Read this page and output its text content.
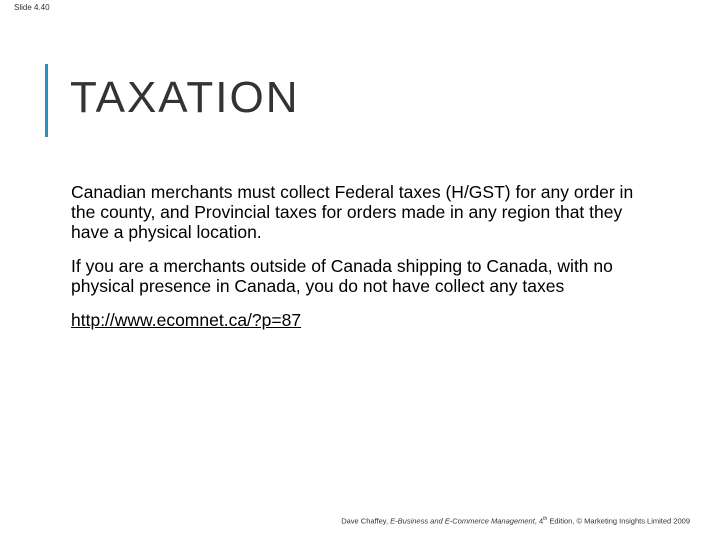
Slide 4.40
TAXATION

Canadian merchants must collect Federal taxes (H/GST) for any order in the county, and Provincial taxes for orders made in any region that they have a physical location.

If you are a merchants outside of Canada shipping to Canada, with no physical presence in Canada, you do not have collect any taxes

http://www.ecomnet.ca/?p=87

Dave Chaffey, E-Business and E-Commerce Management, 4th Edition, © Marketing Insights Limited 2009
